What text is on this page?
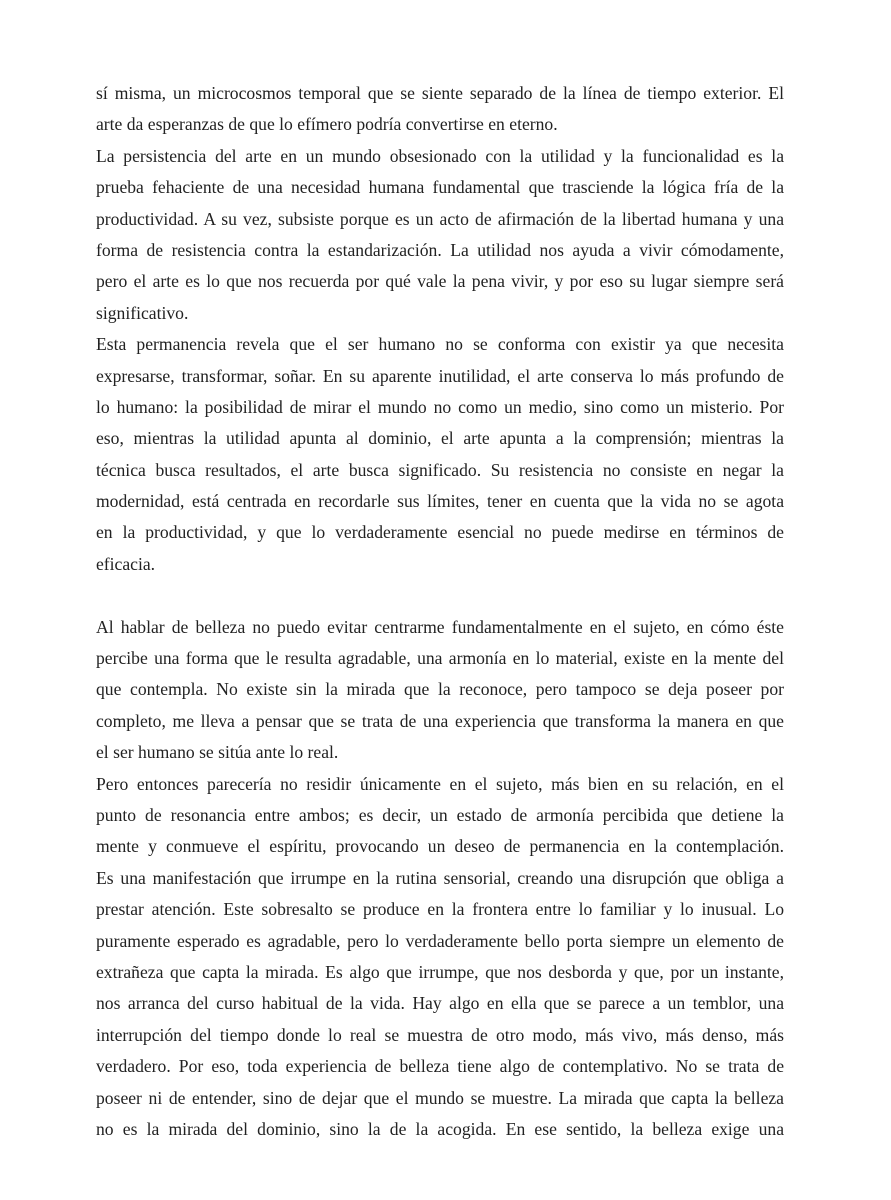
sí misma, un microcosmos temporal que se siente separado de la línea de tiempo exterior. El
arte da esperanzas de que lo efímero podría convertirse en eterno.
La persistencia del arte en un mundo obsesionado con la utilidad y la funcionalidad es la
prueba fehaciente de una necesidad humana fundamental que trasciende la lógica fría de la
productividad. A su vez, subsiste porque es un acto de afirmación de la libertad humana y una
forma de resistencia contra la estandarización. La utilidad nos ayuda a vivir cómodamente,
pero el arte es lo que nos recuerda por qué vale la pena vivir, y por eso su lugar siempre será
significativo.
Esta permanencia revela que el ser humano no se conforma con existir ya que necesita
expresarse, transformar, soñar. En su aparente inutilidad, el arte conserva lo más profundo de
lo humano: la posibilidad de mirar el mundo no como un medio, sino como un misterio. Por
eso, mientras la utilidad apunta al dominio, el arte apunta a la comprensión; mientras la
técnica busca resultados, el arte busca significado. Su resistencia no consiste en negar la
modernidad, está centrada en recordarle sus límites, tener en cuenta que la vida no se agota
en la productividad, y que lo verdaderamente esencial no puede medirse en términos de
eficacia.
Al hablar de belleza no puedo evitar centrarme fundamentalmente en el sujeto, en cómo éste
percibe una forma que le resulta agradable, una armonía en lo material, existe en la mente del
que contempla. No existe sin la mirada que la reconoce, pero tampoco se deja poseer por
completo, me lleva a pensar que se trata de una experiencia que transforma la manera en que
el ser humano se sitúa ante lo real.
Pero entonces parecería no residir únicamente en el sujeto, más bien en su relación, en el
punto de resonancia entre ambos; es decir, un estado de armonía percibida que detiene la
mente y conmueve el espíritu, provocando un deseo de permanencia en la contemplación.
Es una manifestación que irrumpe en la rutina sensorial, creando una disrupción que obliga a
prestar atención. Este sobresalto se produce en la frontera entre lo familiar y lo inusual. Lo
puramente esperado es agradable, pero lo verdaderamente bello porta siempre un elemento de
extrañeza que capta la mirada. Es algo que irrumpe, que nos desborda y que, por un instante,
nos arranca del curso habitual de la vida. Hay algo en ella que se parece a un temblor, una
interrupción del tiempo donde lo real se muestra de otro modo, más vivo, más denso, más
verdadero. Por eso, toda experiencia de belleza tiene algo de contemplativo. No se trata de
poseer ni de entender, sino de dejar que el mundo se muestre. La mirada que capta la belleza
no es la mirada del dominio, sino la de la acogida. En ese sentido, la belleza exige una
